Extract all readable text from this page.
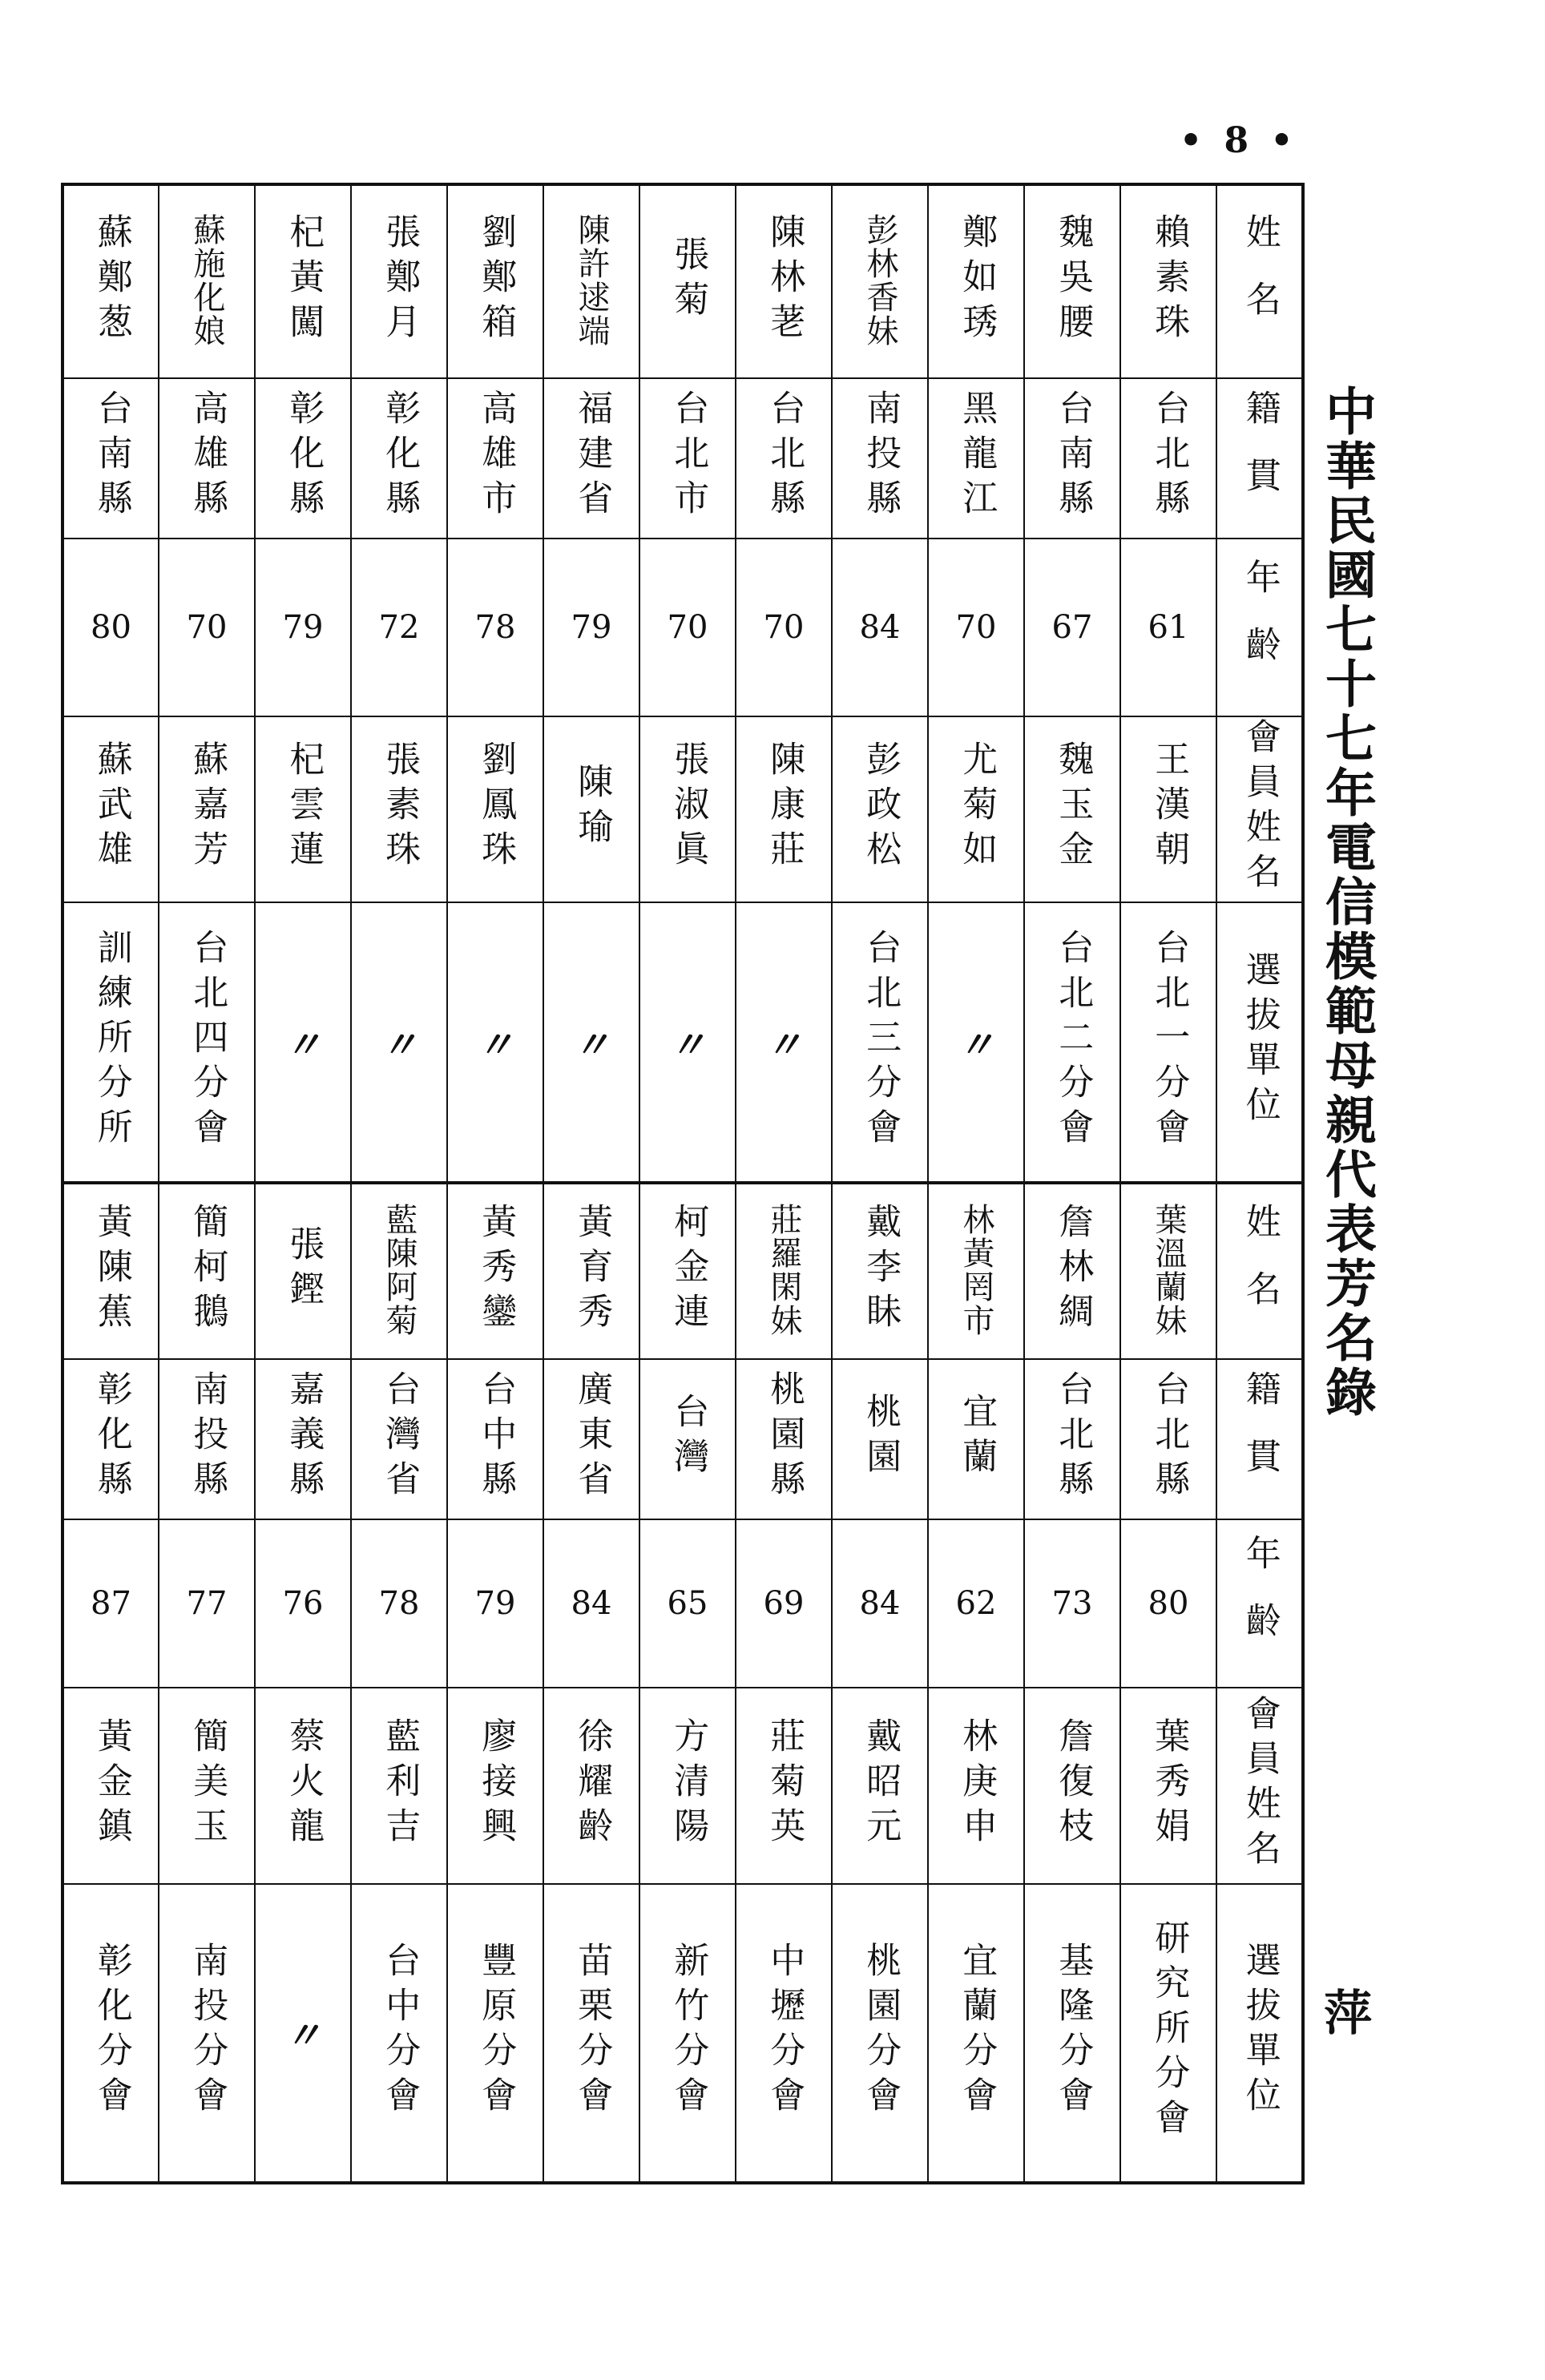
• 8 •
中華民國七十七年電信模範母親代表芳名錄
萍
蘇鄭葱	蘇施化娘	杞黃闖	張鄭月	劉鄭箱	陳許逑端	張菊	陳林荖	彭林香妹	鄭如琇	魏吳腰	賴素珠	姓名
台南縣	高雄縣	彰化縣	彰化縣	高雄市	福建省	台北市	台北縣	南投縣	黑龍江	台南縣	台北縣	籍貫
80	70	79	72	78	79	70	70	84	70	67	61	年齡
蘇武雄	蘇嘉芳	杞雲蓮	張素珠	劉鳳珠	陳瑜	張淑眞	陳康莊	彭政松	尤菊如	魏玉金	王漢朝	會員姓名
訓練所分所	台北四分會	〃	〃	〃	〃	〃	〃	台北三分會	〃	台北二分會	台北一分會	選拔單位
黃陳蕉	簡柯鵝	張鏗	藍陳阿菊	黃秀鑾	黃育秀	柯金連	莊羅閑妹	戴李眛	林黃罔市	詹林綢	葉溫蘭妹	姓名
彰化縣	南投縣	嘉義縣	台灣省	台中縣	廣東省	台灣	桃園縣	桃園	宜蘭	台北縣	台北縣	籍貫
87	77	76	78	79	84	65	69	84	62	73	80	年齡
黃金鎮	簡美玉	蔡火龍	藍利吉	廖接興	徐耀齡	方清陽	莊菊英	戴昭元	林庚申	詹復枝	葉秀娟	會員姓名
彰化分會	南投分會	〃	台中分會	豐原分會	苗栗分會	新竹分會	中壢分會	桃園分會	宜蘭分會	基隆分會	研究所分會	選拔單位
